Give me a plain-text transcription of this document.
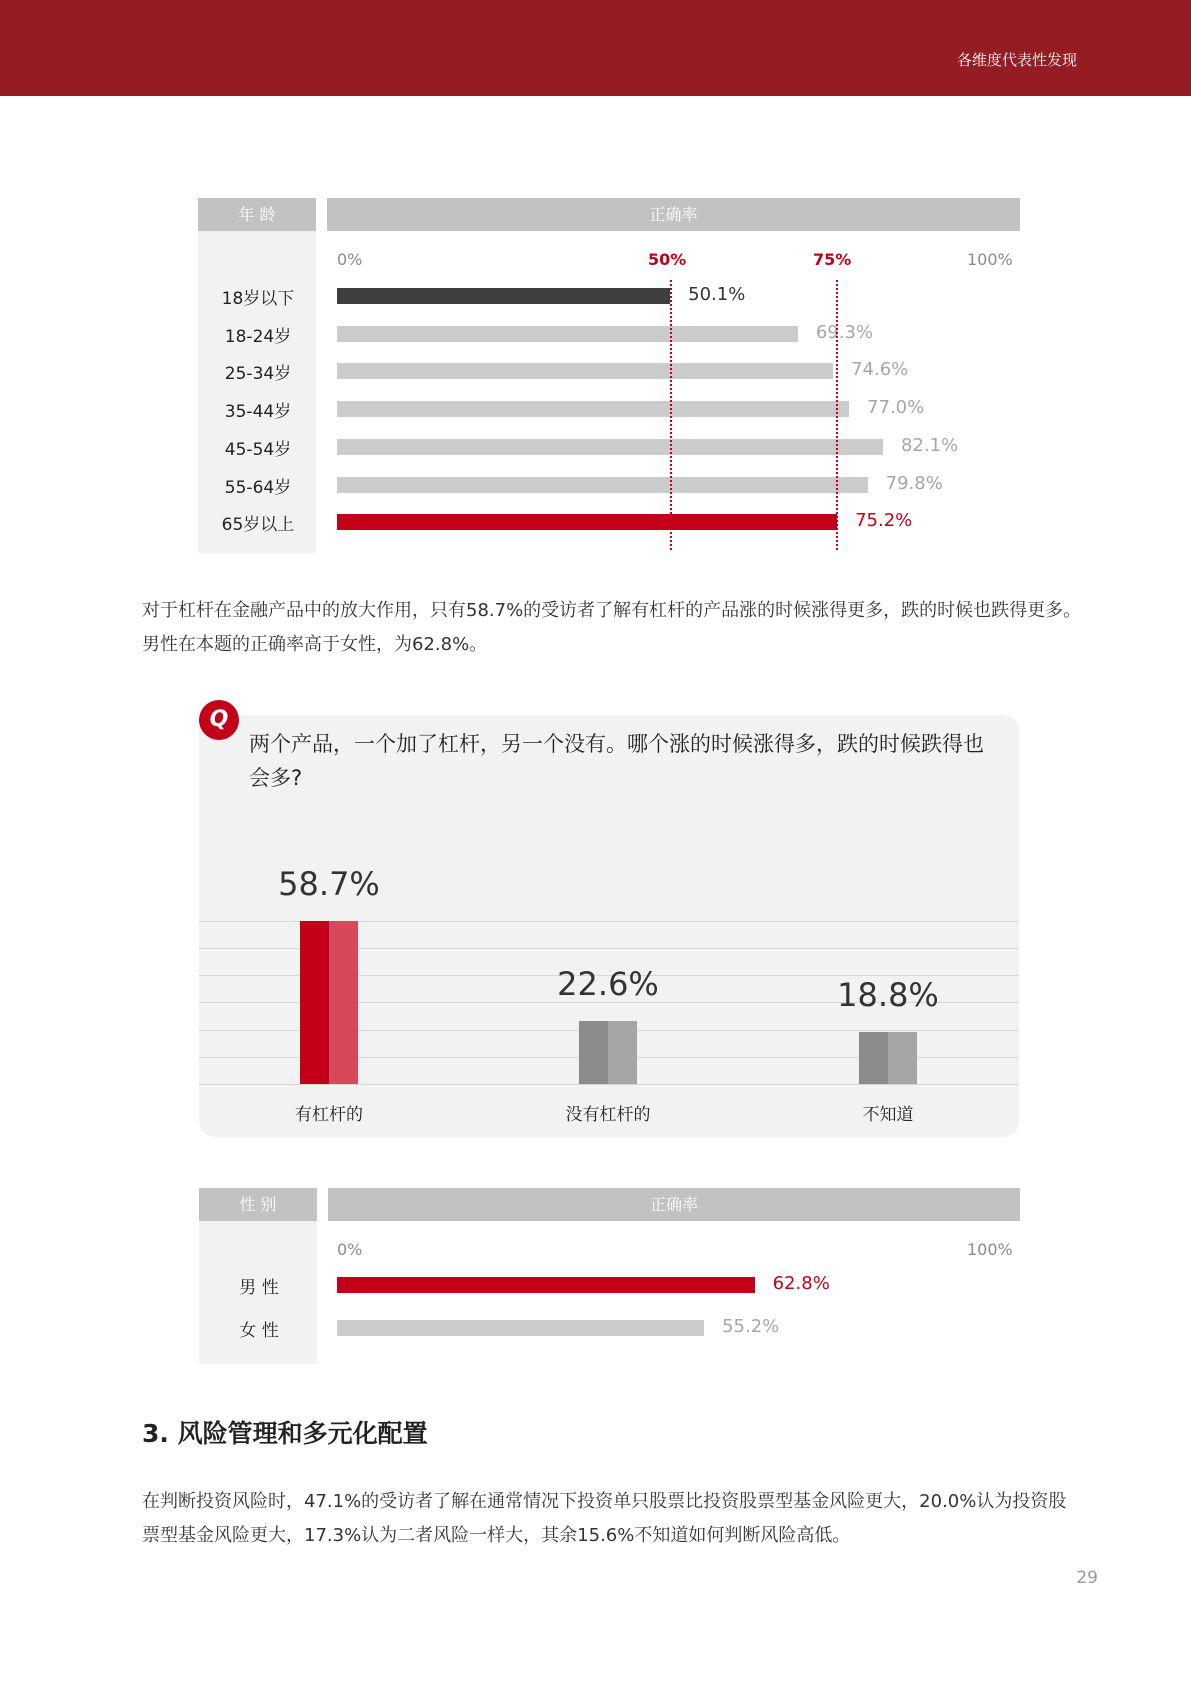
各维度代表性发现
年 龄	正确率
0%	50%	75%	100%
18岁以下	50.1%
18-24岁	69.3%
25-34岁	74.6%
35-44岁	77.0%
45-54岁	82.1%
55-64岁	79.8%
65岁以上	75.2%
对于杠杆在金融产品中的放大作用，只有58.7%的受访者了解有杠杆的产品涨的时候涨得更多，跌的时候也跌得更多。男性在本题的正确率高于女性，为62.8%。
Q
两个产品，一个加了杠杆，另一个没有。哪个涨的时候涨得多，跌的时候跌得也会多?
58.7%
有杠杆的
22.6%
没有杠杆的
18.8%
不知道
性 别	正确率
0%	100%
男 性	62.8%
女 性	55.2%
3. 风险管理和多元化配置
在判断投资风险时，47.1%的受访者了解在通常情况下投资单只股票比投资股票型基金风险更大，20.0%认为投资股票型基金风险更大，17.3%认为二者风险一样大，其余15.6%不知道如何判断风险高低。
29
